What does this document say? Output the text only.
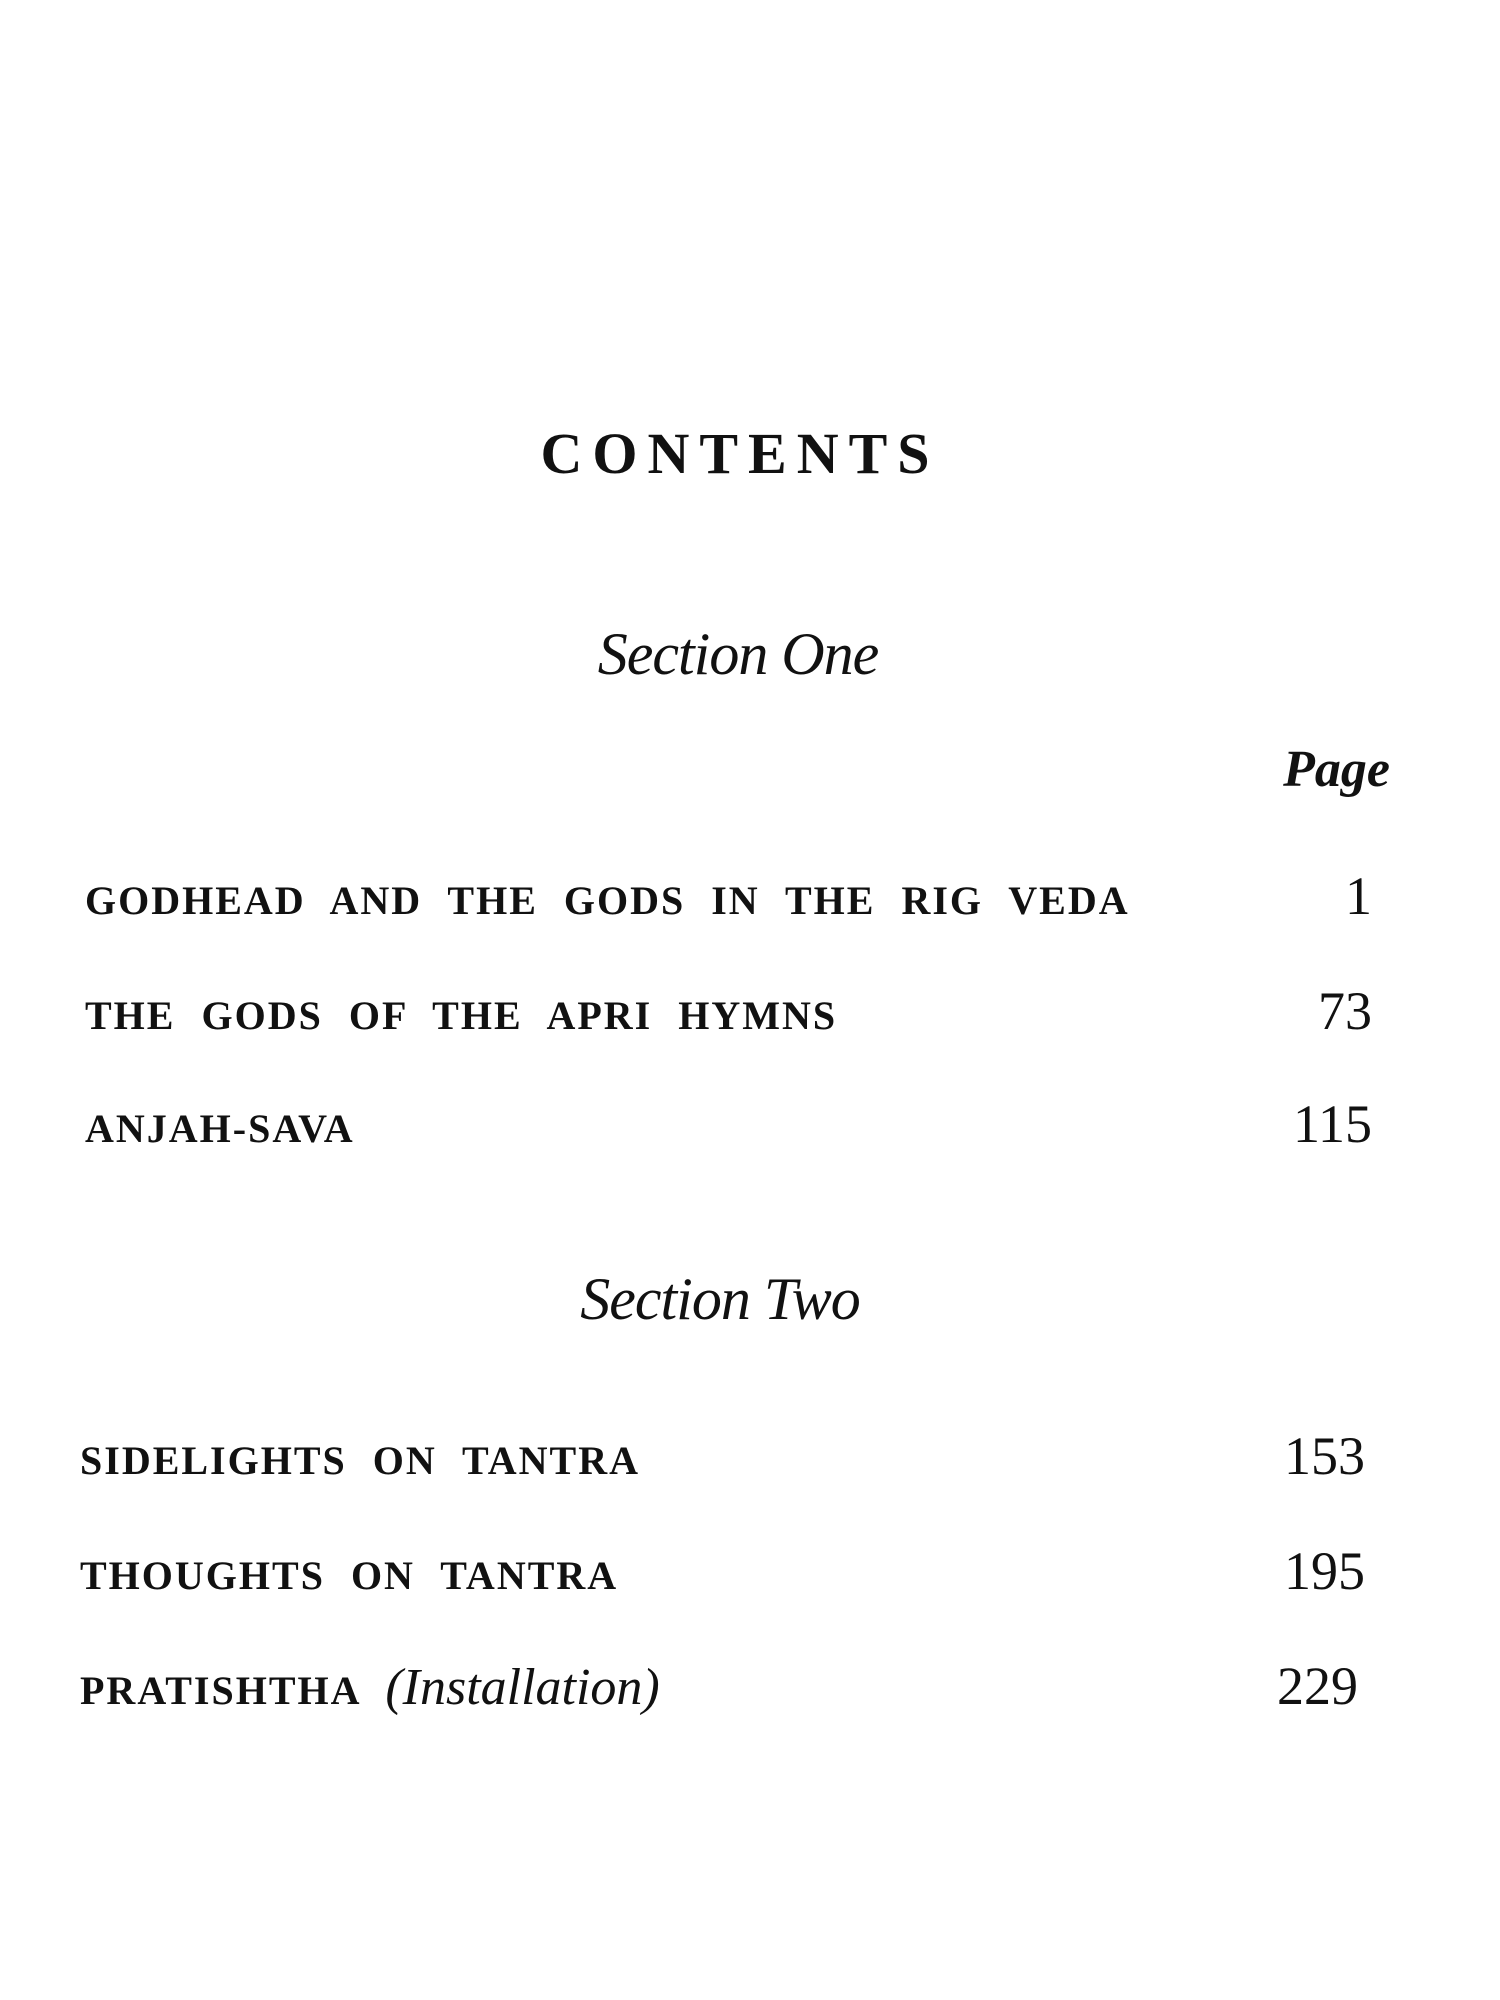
CONTENTS
Section One
Page
GODHEAD AND THE GODS IN THE RIG VEDA	1
THE GODS OF THE APRI HYMNS	73
ANJAH-SAVA	115
Section Two
SIDELIGHTS ON TANTRA	153
THOUGHTS ON TANTRA	195
PRATISHTHA (Installation)	229
